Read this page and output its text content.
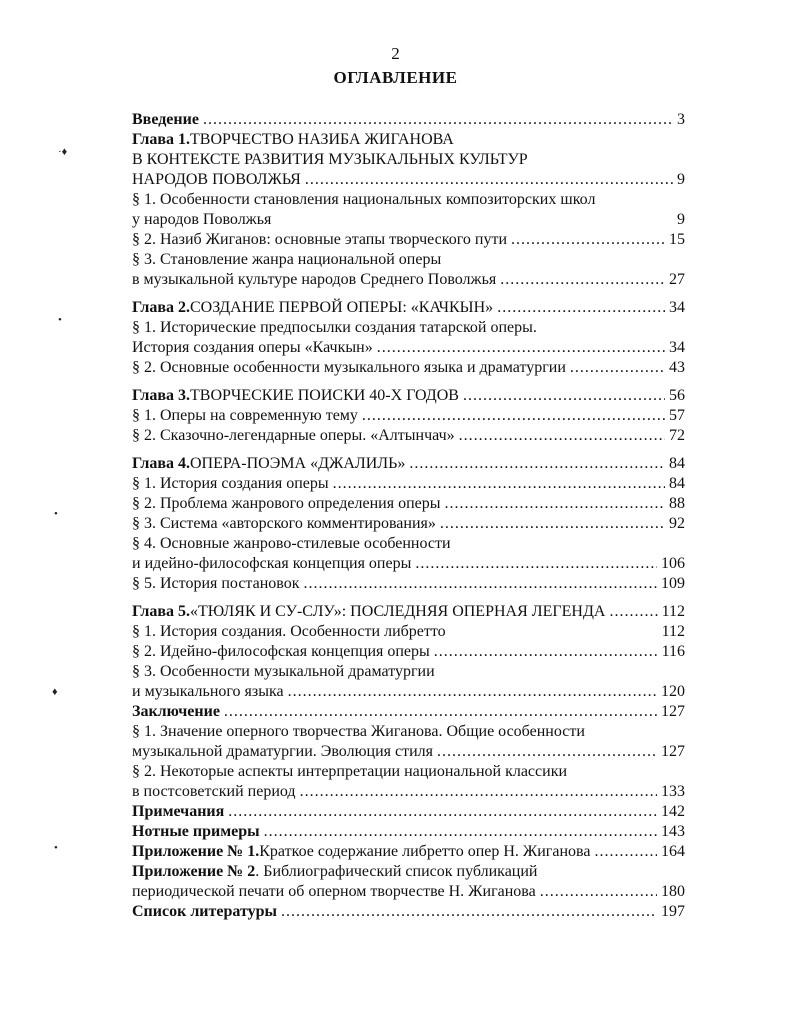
2
ОГЛАВЛЕНИЕ
·♦
•
•
♦
•
Введение .....	3
Глава 1. ТВОРЧЕСТВО НАЗИБА ЖИГАНОВА
В КОНТЕКСТЕ РАЗВИТИЯ МУЗЫКАЛЬНЫХ КУЛЬТУР
НАРОДОВ ПОВОЛЖЬЯ .....	9
§ 1. Особенности становления национальных композиторских школ
у народов Поволжья	9
§ 2. Назиб Жиганов: основные этапы творческого пути .....	15
§ 3. Становление жанра национальной оперы
в музыкальной культуре народов Среднего Поволжья .....	27
Глава 2. СОЗДАНИЕ ПЕРВОЙ ОПЕРЫ: «КАЧКЫН» .....	34
§ 1. Исторические предпосылки создания татарской оперы.
История создания оперы «Качкын» .....	34
§ 2. Основные особенности музыкального языка и драматургии .....	43
Глава 3. ТВОРЧЕСКИЕ ПОИСКИ 40-Х ГОДОВ .....	56
§ 1. Оперы на современную тему .....	57
§ 2. Сказочно-легендарные оперы. «Алтынчач» .....	72
Глава 4. ОПЕРА-ПОЭМА «ДЖАЛИЛЬ» .....	84
§ 1. История создания оперы .....	84
§ 2. Проблема жанрового определения оперы .....	88
§ 3. Система «авторского комментирования» .....	92
§ 4. Основные жанрово-стилевые особенности
и идейно-философская концепция оперы .....	106
§ 5. История постановок .....	109
Глава 5. «ТЮЛЯК И СУ-СЛУ»: ПОСЛЕДНЯЯ ОПЕРНАЯ ЛЕГЕНДА .....	112
§ 1. История создания. Особенности либретто	112
§ 2. Идейно-философская концепция оперы .....	116
§ 3. Особенности музыкальной драматургии
и музыкального языка .....	120
Заключение .....	127
§ 1. Значение оперного творчества Жиганова. Общие особенности
музыкальной драматургии. Эволюция стиля .....	127
§ 2. Некоторые аспекты интерпретации национальной классики
в постсоветский период .....	133
Примечания .....	142
Нотные примеры .....	143
Приложение № 1. Краткое содержание либретто опер Н. Жиганова .....	164
Приложение № 2 . Библиографический список публикаций
периодической печати об оперном творчестве Н. Жиганова .....	180
Список литературы .....	197
